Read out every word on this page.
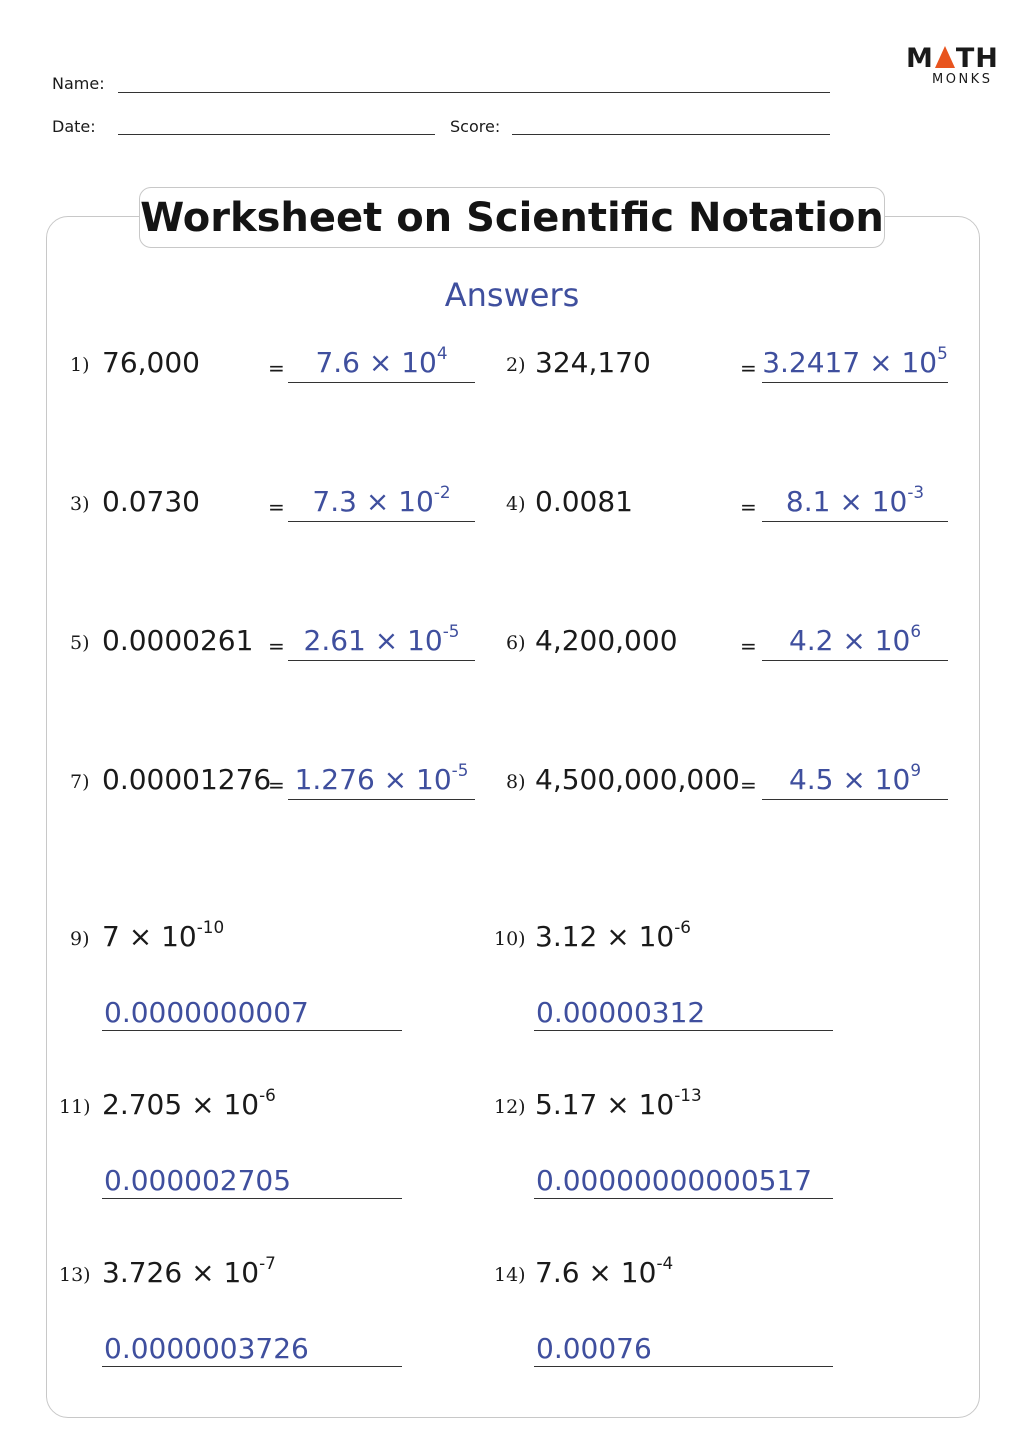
Name:
Date:	Score:
M TH
MONKS
Worksheet on Scientific Notation
Answers
1) 76,000	=	$7.6 \times 10^4$
2) 324,170	= $3.2417 \times 10^5$
3) 0.0730	= $7.3 \times 10^{-2}$
4) 0.0081	=	$8.1 \times 10^{-3}$
5) $0.0000261 = 2.61 \times 10^{-5}$
6) 4,200,000	=	$4.2 \times 10^6$
7) 0.00001276
= $1.276 \times 10^{-5}$
8) 4,500,000,000 =	$4.5 \times 10^9$
9) $7 \times 10^{-10}$
0.0000000007
10) $3.12 \times 10^{-6}$
0.00000312
11) $2.705 \times 10^{-6}$
0.000002705
12) $5.17 \times 10^{-13}$
0.00000000000517
13) $3.726 \times 10^{-7}$
0.0000003726
14) $7.6 \times 10^{-4}$
0.00076
